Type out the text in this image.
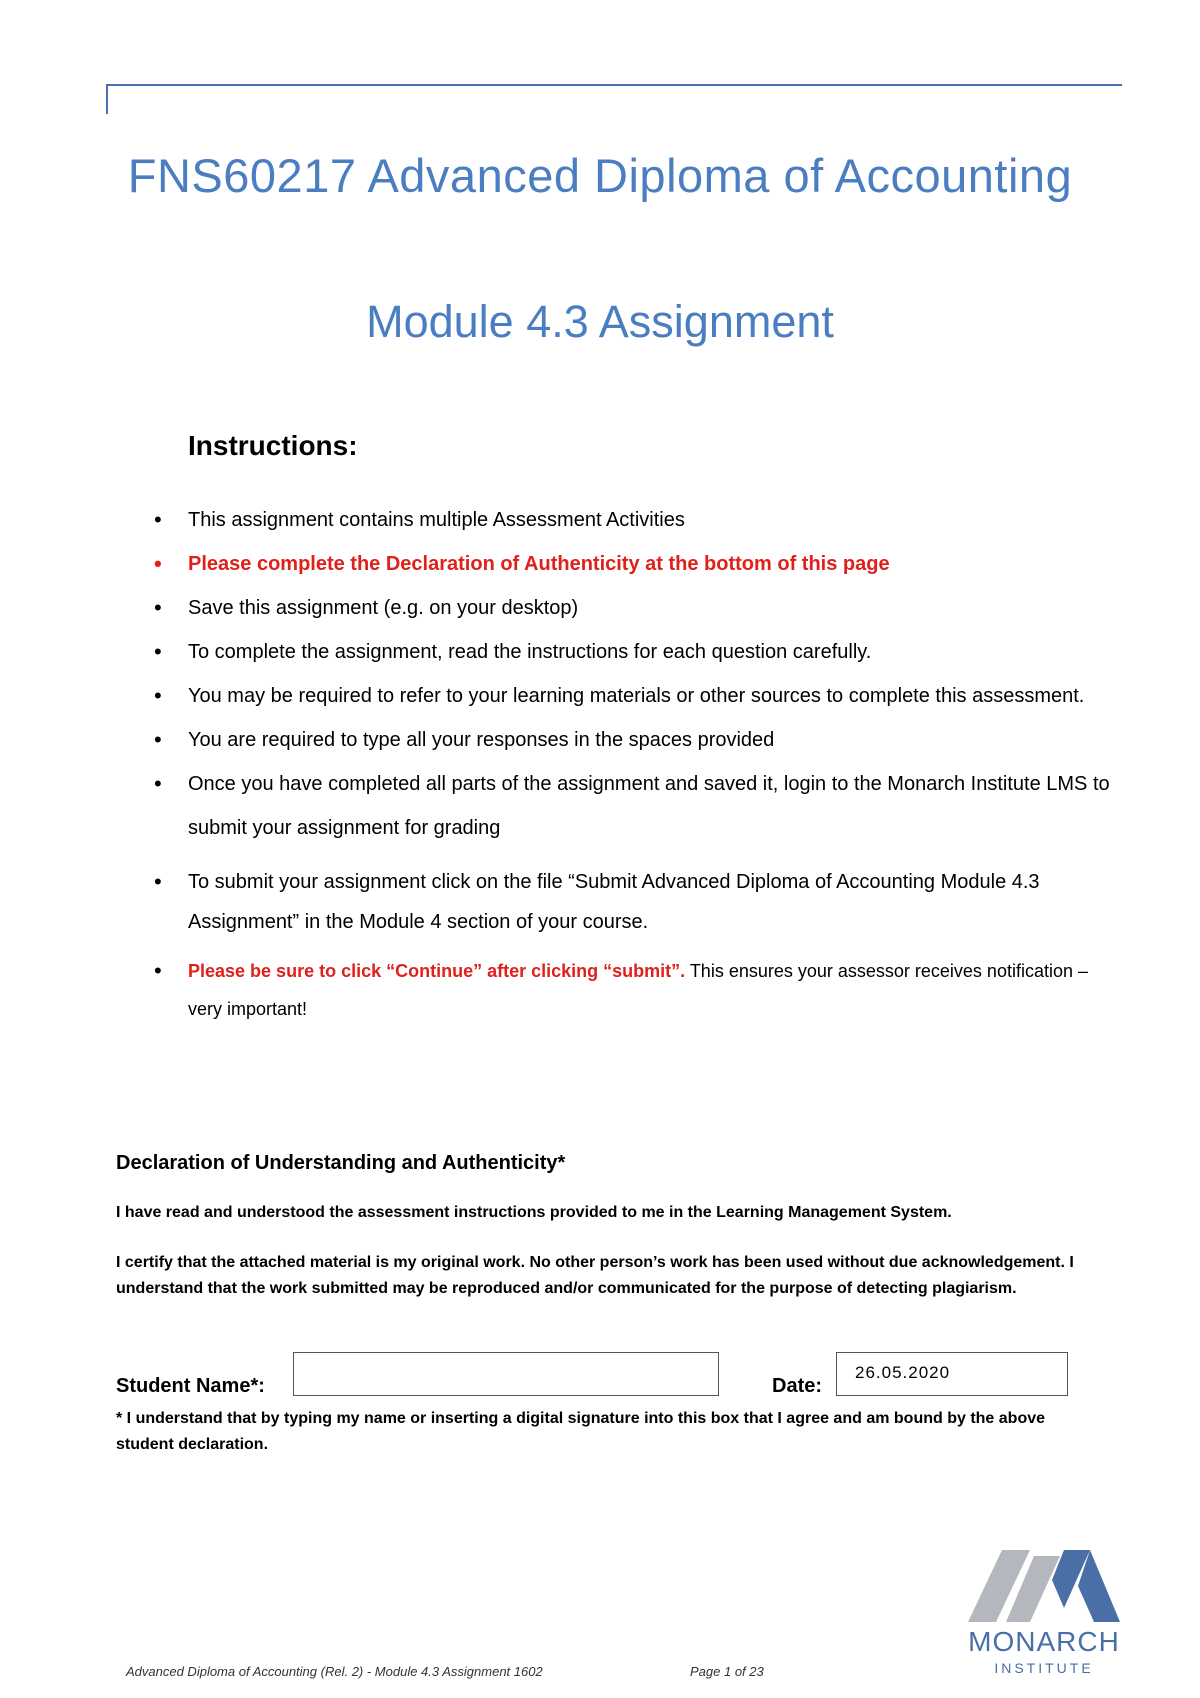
FNS60217 Advanced Diploma of Accounting
Module 4.3 Assignment
Instructions:
• This assignment contains multiple Assessment Activities
• Please complete the Declaration of Authenticity at the bottom of this page
• Save this assignment (e.g. on your desktop)
• To complete the assignment, read the instructions for each question carefully.
• You may be required to refer to your learning materials or other sources to complete this assessment.
• You are required to type all your responses in the spaces provided
• Once you have completed all parts of the assignment and saved it, login to the Monarch Institute LMS to submit your assignment for grading
• To submit your assignment click on the file “Submit Advanced Diploma of Accounting Module 4.3 Assignment” in the Module 4 section of your course.
• Please be sure to click “Continue” after clicking “submit”. This ensures your assessor receives notification – very important!
Declaration of Understanding and Authenticity*

I have read and understood the assessment instructions provided to me in the Learning Management System.

I certify that the attached material is my original work. No other person’s work has been used without due acknowledgement. I understand that the work submitted may be reproduced and/or communicated for the purpose of detecting plagiarism.

Student Name*:	Date:
26.05.2020

* I understand that by typing my name or inserting a digital signature into this box that I agree and am bound by the above student declaration.

MONARCH
INSTITUTE
Advanced Diploma of Accounting (Rel. 2) - Module 4.3 Assignment 1602	Page 1 of 23
